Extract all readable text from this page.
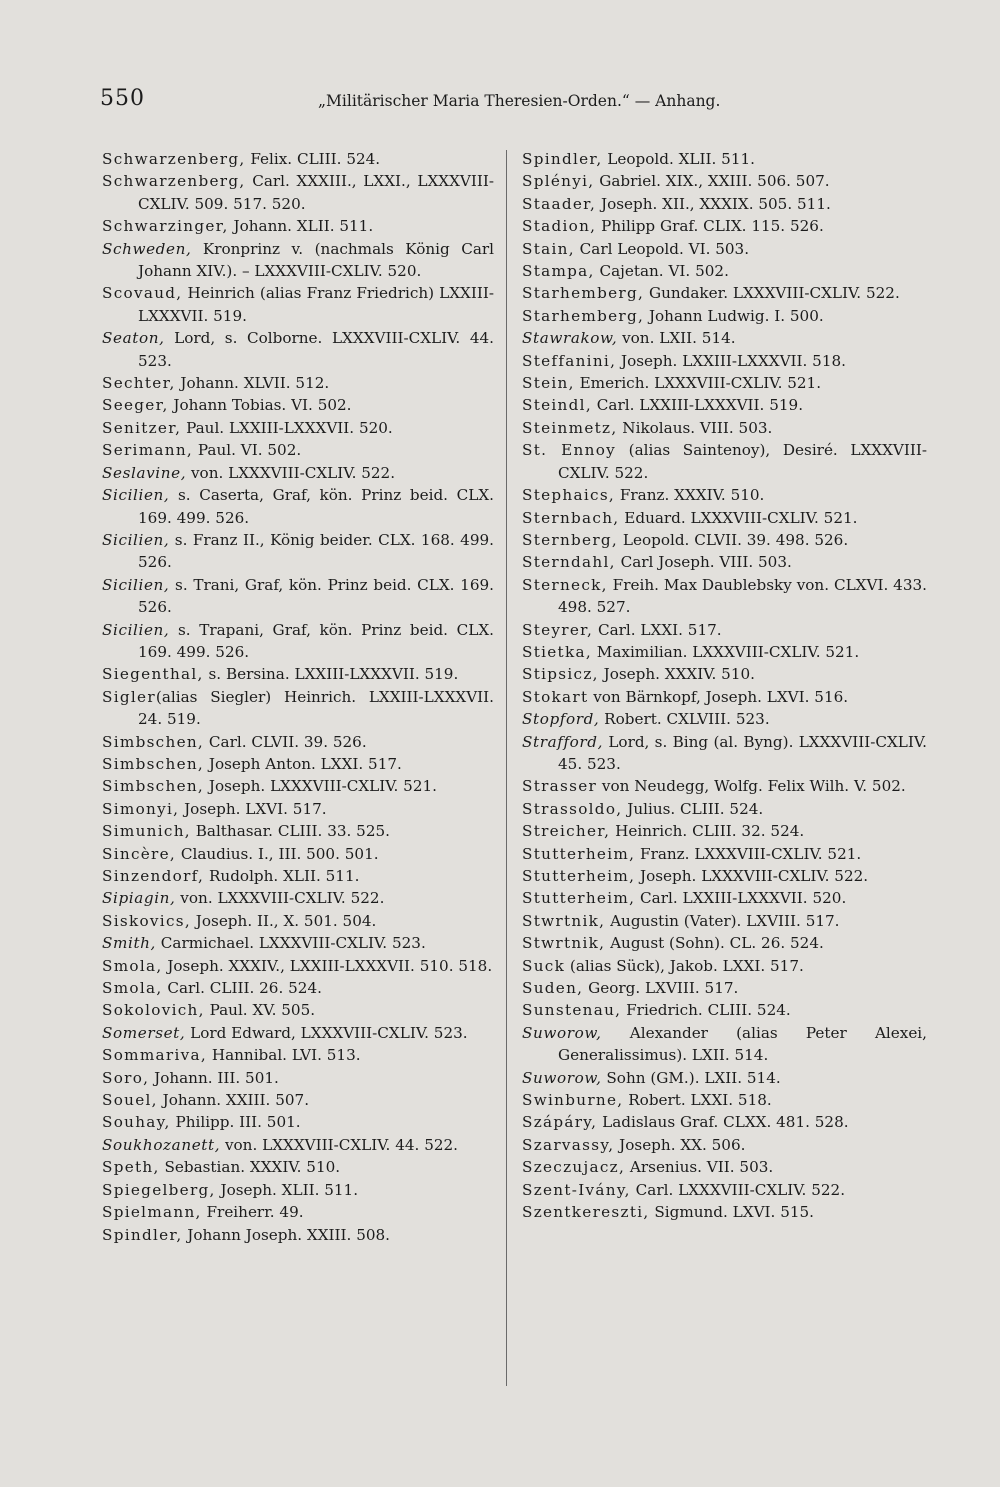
550	„Militärischer Maria Theresien-Orden.“ — Anhang.
Schwarzenberg, Felix. CLIII. 524.
Schwarzenberg, Carl. XXXIII., LXXI., LXXXVIII-CXLIV. 509. 517. 520.
Schwarzinger, Johann. XLII. 511.
Schweden, Kronprinz v. (nachmals König Carl Johann XIV.). – LXXXVIII-CXLIV. 520.
Scovaud, Heinrich (alias Franz Friedrich) LXXIII-LXXXVII. 519.
Seaton, Lord, s. Colborne. LXXXVIII-CXLIV. 44. 523.
Sechter, Johann. XLVII. 512.
Seeger, Johann Tobias. VI. 502.
Senitzer, Paul. LXXIII-LXXXVII. 520.
Serimann, Paul. VI. 502.
Seslavine, von. LXXXVIII-CXLIV. 522.
Sicilien, s. Caserta, Graf, kön. Prinz beid. CLX. 169. 499. 526.
Sicilien, s. Franz II., König beider. CLX. 168. 499. 526.
Sicilien, s. Trani, Graf, kön. Prinz beid. CLX. 169. 526.
Sicilien, s. Trapani, Graf, kön. Prinz beid. CLX. 169. 499. 526.
Siegenthal, s. Bersina. LXXIII-LXXXVII. 519.
Sigler(alias Siegler) Heinrich. LXXIII-LXXXVII. 24. 519.
Simbschen, Carl. CLVII. 39. 526.
Simbschen, Joseph Anton. LXXI. 517.
Simbschen, Joseph. LXXXVIII-CXLIV. 521.
Simonyi, Joseph. LXVI. 517.
Simunich, Balthasar. CLIII. 33. 525.
Sincère, Claudius. I., III. 500. 501.
Sinzendorf, Rudolph. XLII. 511.
Sipiagin, von. LXXXVIII-CXLIV. 522.
Siskovics, Joseph. II., X. 501. 504.
Smith, Carmichael. LXXXVIII-CXLIV. 523.
Smola, Joseph. XXXIV., LXXIII-LXXXVII. 510. 518.
Smola, Carl. CLIII. 26. 524.
Sokolovich, Paul. XV. 505.
Somerset, Lord Edward, LXXXVIII-CXLIV. 523.
Sommariva, Hannibal. LVI. 513.
Soro, Johann. III. 501.
Souel, Johann. XXIII. 507.
Souhay, Philipp. III. 501.
Soukhozanett, von. LXXXVIII-CXLIV. 44. 522.
Speth, Sebastian. XXXIV. 510.
Spiegelberg, Joseph. XLII. 511.
Spielmann, Freiherr. 49.
Spindler, Johann Joseph. XXIII. 508.
Spindler, Leopold. XLII. 511.
Splényi, Gabriel. XIX., XXIII. 506. 507.
Staader, Joseph. XII., XXXIX. 505. 511.
Stadion, Philipp Graf. CLIX. 115. 526.
Stain, Carl Leopold. VI. 503.
Stampa, Cajetan. VI. 502.
Starhemberg, Gundaker. LXXXVIII-CXLIV. 522.
Starhemberg, Johann Ludwig. I. 500.
Stawrakow, von. LXII. 514.
Steffanini, Joseph. LXXIII-LXXXVII. 518.
Stein, Emerich. LXXXVIII-CXLIV. 521.
Steindl, Carl. LXXIII-LXXXVII. 519.
Steinmetz, Nikolaus. VIII. 503.
St. Ennoy (alias Saintenoy), Desiré. LXXXVIII-CXLIV. 522.
Stephaics, Franz. XXXIV. 510.
Sternbach, Eduard. LXXXVIII-CXLIV. 521.
Sternberg, Leopold. CLVII. 39. 498. 526.
Sterndahl, Carl Joseph. VIII. 503.
Sterneck, Freih. Max Daublebsky von. CLXVI. 433. 498. 527.
Steyrer, Carl. LXXI. 517.
Stietka, Maximilian. LXXXVIII-CXLIV. 521.
Stipsicz, Joseph. XXXIV. 510.
Stokart von Bärnkopf, Joseph. LXVI. 516.
Stopford, Robert. CXLVIII. 523.
Strafford, Lord, s. Bing (al. Byng). LXXXVIII-CXLIV. 45. 523.
Strasser von Neudegg, Wolfg. Felix Wilh. V. 502.
Strassoldo, Julius. CLIII. 524.
Streicher, Heinrich. CLIII. 32. 524.
Stutterheim, Franz. LXXXVIII-CXLIV. 521.
Stutterheim, Joseph. LXXXVIII-CXLIV. 522.
Stutterheim, Carl. LXXIII-LXXXVII. 520.
Stwrtnik, Augustin (Vater). LXVIII. 517.
Stwrtnik, August (Sohn). CL. 26. 524.
Suck (alias Sück), Jakob. LXXI. 517.
Suden, Georg. LXVIII. 517.
Sunstenau, Friedrich. CLIII. 524.
Suworow, Alexander (alias Peter Alexei, Generalissimus). LXII. 514.
Suworow, Sohn (GM.). LXII. 514.
Swinburne, Robert. LXXI. 518.
Szápáry, Ladislaus Graf. CLXX. 481. 528.
Szarvassy, Joseph. XX. 506.
Szeczujacz, Arsenius. VII. 503.
Szent-Ivány, Carl. LXXXVIII-CXLIV. 522.
Szentkereszti, Sigmund. LXVI. 515.
